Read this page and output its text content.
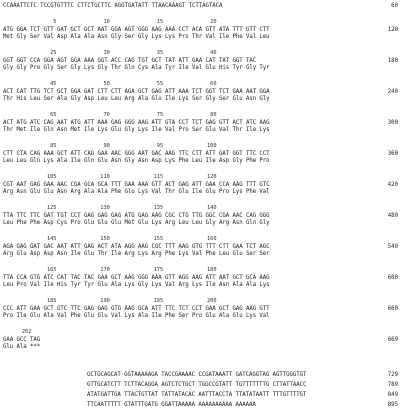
CCAAATTCTC TCCGTGTTTC CTTCTGCTTC AGGTGATATT TTAACAAAGT TCTTAGTACA	60
5               10               15               20
ATG GGA TCT GTT GAT GCT GCT AAT GGA AGT GGG AAG AAA CCT ACA GTT ATA TTT GTT CTT
Met Gly Ser Val Asp Ala Ala Asn Gly Ser Gly Lys Lys Pro Thr Val Ile Phe Val Leu
120
25               30               35               40
GGT GGT CCA GGA AGT GGA AAA GGT ACC CAG TGT GCT TAT ATT GAA CAT TAT GGT TAC
Gly Gly Pro Gly Ser Gly Lys Gly Thr Gln Cys Ala Tyr Ile Val Glu His Tyr Gly Tyr
180
45               50               55               60
ACT CAT TTG TCT GCT GGA GAT CTT CTT AGA GCT GAG ATT AAA TCT GGT TCT GAA AAT GGA
Thr His Leu Ser Ala Gly Asp Leu Leu Arg Ala Glu Ile Lys Ser Gly Ser Glu Asn Gly
240
65               70               75               80
ACT ATG ATC CAG AAT ATG ATT AAA GAG GGG AAG ATT GTA CCT TCT GAG GTT ACT ATC AAG
Thr Met Ile Gln Asn Met Ile Lys Glu Gly Lys Ile Val Pro Ser Glu Val Thr Ile Lys
300
85               90               95              100
CTT CTA CAG AAA GCT ATT CAG GAA AAC GGG AAT GAC AAG TTC CTT ATT GAT GGT TTC CCT
Leu Leu Gln Lys Ala Ile Gln Glu Asn Gly Asn Asp Lys Phe Leu Ile Asp Gly Phe Pro
360
105              110              115              120
CGT AAT GAG GAA AAC CGA GCA GCA TTT GAA AAA GTT ACT GAG ATT GAA CCA AAG TTT GTC
Arg Asn Glu Glu Asn Arg Ala Ala Phe Glu Lys Val Thr Glu Ile Glu Pro Lys Phe Val
420
125              130              135              140
TTA TTC TTC GAT TGT CCT GAG GAG GAG ATG GAG AAG CGC CTG TTG GGC CGA AAC CAG GGG
Leu Phe Phe Asp Cys Pro Glu Glu Glu Met Glu Lys Arg Leu Leu Gly Arg Asn Gln Gly
480
145              150              155              160
AGA GAG GAT GAC AAT ATT GAG ACT ATA AGG AAG CGC TTT AAG GTG TTT CTT GAA TCT AGC
Arg Glu Asp Asp Asn Ile Glu Thr Ile Arg Lys Arg Phe Lys Val Phe Leu Glu Ser Ser
540
165              170              175              180
TTA CCA GTG ATC CAT TAC TAC GAA GCT AAG GGG AAA GTT AGG AAG ATT AAT GCT GCA AAG
Leu Pro Val Ile His Tyr Tyr Glu Ala Lys Gly Lys Val Arg Lys Ile Asn Ala Ala Lys
600
185              190              195              200
CCC ATT GAA GCT GTC TTC GAG GAG GTG AAG GCA ATT TTC TCT CCT GAA GCT GAG AAG GTT
Pro Ile Glu Ala Val Phe Glu Glu Val Lys Ala Ile Phe Ser Pro Glu Ala Glu Lys Val
660
202
GAA GCC TAG
Glu Ala ***
669
GCTGCAGCAT GGTAAAAAGA TACCGAAAAC CCGATAAATT GATCAGGTAG AGTTGGGTGT	729
GTTGCATCTT TCTTACAGGA AGTCTCTGCT TGGCCGTATT TGTTTTTTTG CTTATTAACC	789
ATATGATTGA TTACTGTTAT TATTATACAC AATTTACCTA TTATATAATT TTTGTTTTGT	849
TTCAATTTTT GTATTTGATG GGATTAAAAA AAAAAAAAAA AAAAAA	895
